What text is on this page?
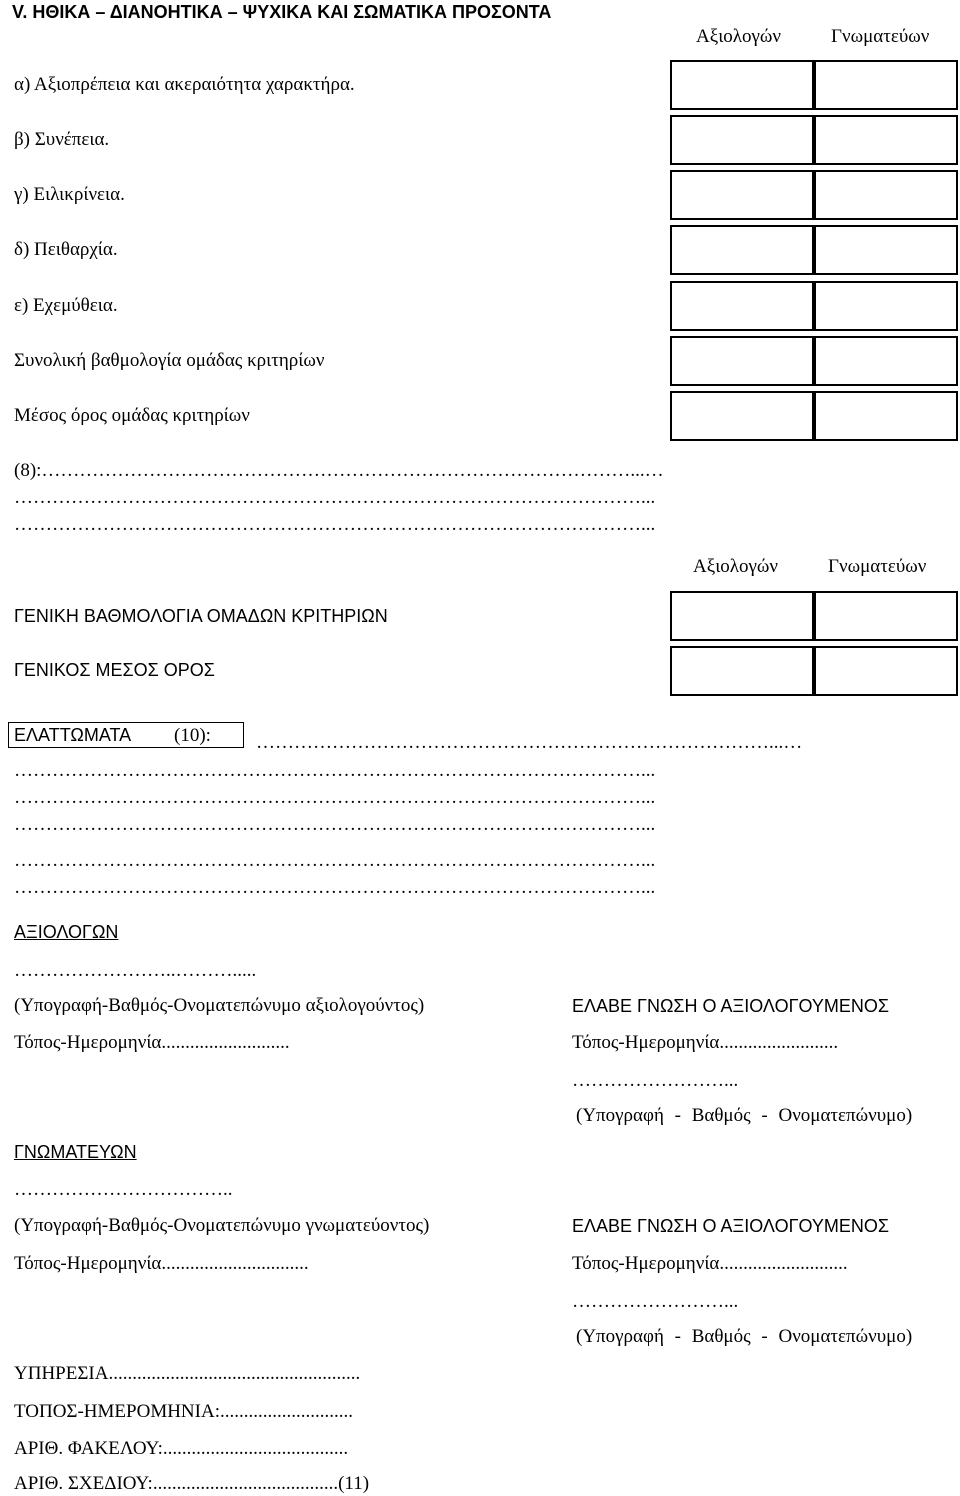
V. ΗΘΙΚΑ – ΔΙΑΝΟΗΤΙΚΑ – ΨΥΧΙΚΑ ΚΑΙ ΣΩΜΑΤΙΚΑ ΠΡΟΣΟΝΤΑ
Αξιολογών	Γνωματεύων
α) Αξιοπρέπεια και ακεραιότητα χαρακτήρα.
β) Συνέπεια.
γ) Ειλικρίνεια.
δ) Πειθαρχία.
ε) Εχεμύθεια.
Συνολική βαθμολογία ομάδας κριτηρίων
Μέσος όρος ομάδας κριτηρίων
(8):…………………………………………………………………………………...…
………………………………………………………………………………………...
………………………………………………………………………………………...
Αξιολογών	Γνωματεύων
ΓΕΝΙΚΗ ΒΑΘΜΟΛΟΓΙΑ ΟΜΑΔΩΝ ΚΡΙΤΗΡΙΩΝ
ΓΕΝΙΚΟΣ ΜΕΣΟΣ ΟΡΟΣ
ΕΛΑΤΤΩΜΑΤΑ (10): ………………………………………………………………………...…
………………………………………………………………………………………...
………………………………………………………………………………………...
………………………………………………………………………………………...
………………………………………………………………………………………...
………………………………………………………………………………………...
ΑΞΙΟΛΟΓΩΝ
……………………..……….....
(Υπογραφή-Βαθμός-Ονοματεπώνυμο αξιολογούντος)
Τόπος-Ημερομηνία...........................
ΕΛΑΒΕ ΓΝΩΣΗ Ο ΑΞΙΟΛΟΓΟΥΜΕΝΟΣ
Τόπος-Ημερομηνία.........................
……………………...
(Υπογραφή - Βαθμός - Ονοματεπώνυμο)
ΓΝΩΜΑΤΕΥΩΝ
……………………………..
(Υπογραφή-Βαθμός-Ονοματεπώνυμο γνωματεύοντος)
Τόπος-Ημερομηνία...............................
ΕΛΑΒΕ ΓΝΩΣΗ Ο ΑΞΙΟΛΟΓΟΥΜΕΝΟΣ
Τόπος-Ημερομηνία...........................
……………………...
(Υπογραφή - Βαθμός - Ονοματεπώνυμο)
ΥΠΗΡΕΣΙΑ.....................................................
ΤΟΠΟΣ-ΗΜΕΡΟΜΗΝΙΑ:............................
ΑΡΙΘ. ΦΑΚΕΛΟΥ:.......................................
ΑΡΙΘ. ΣΧΕΔΙΟΥ:.......................................(11)
